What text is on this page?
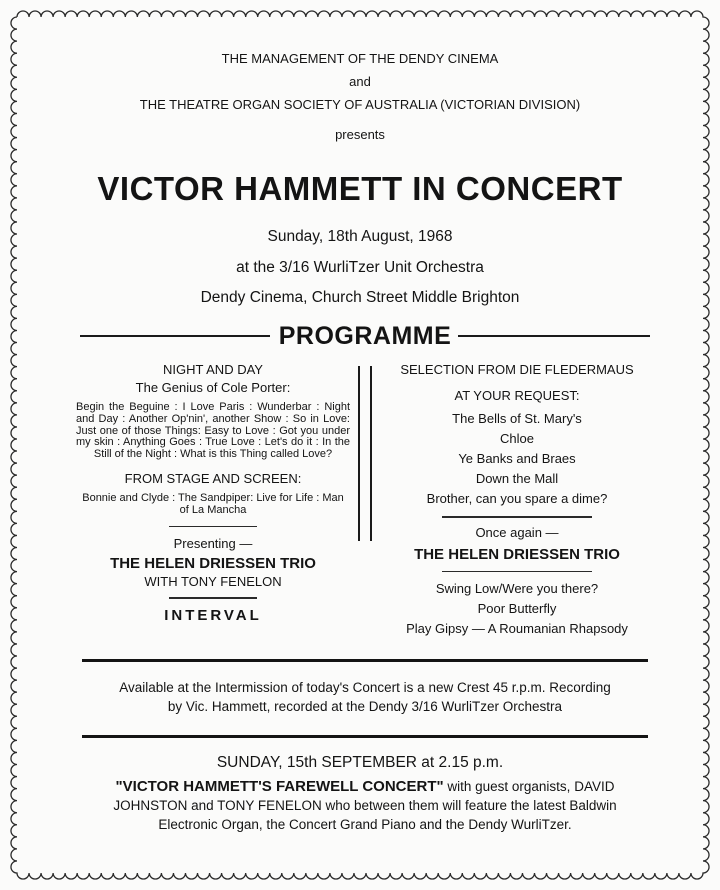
THE MANAGEMENT OF THE DENDY CINEMA
and
THE THEATRE ORGAN SOCIETY OF AUSTRALIA (VICTORIAN DIVISION)
presents
VICTOR HAMMETT IN CONCERT
Sunday, 18th August, 1968
at the 3/16 WurliTzer Unit Orchestra
Dendy Cinema, Church Street Middle Brighton
PROGRAMME
NIGHT AND DAY
The Genius of Cole Porter:
Begin the Beguine : I Love Paris : Wunderbar : Night and Day : Another Op'nin', another Show : So in Love: Just one of those Things: Easy to Love : Got you under my skin : Anything Goes : True Love : Let's do it : In the Still of the Night : What is this Thing called Love?
FROM STAGE AND SCREEN:
Bonnie and Clyde : The Sandpiper: Live for Life : Man of La Mancha
Presenting —
THE HELEN DRIESSEN TRIO
WITH TONY FENELON
INTERVAL
SELECTION FROM DIE FLEDERMAUS
AT YOUR REQUEST:
The Bells of St. Mary's
Chloe
Ye Banks and Braes
Down the Mall
Brother, can you spare a dime?
Once again —
THE HELEN DRIESSEN TRIO
Swing Low/Were you there?
Poor Butterfly
Play Gipsy — A Roumanian Rhapsody
Available at the Intermission of today's Concert is a new Crest 45 r.p.m. Recording
by Vic. Hammett, recorded at the Dendy 3/16 WurliTzer Orchestra
SUNDAY, 15th SEPTEMBER at 2.15 p.m.
"VICTOR HAMMETT'S FAREWELL CONCERT" with guest organists, DAVID
JOHNSTON and TONY FENELON who between them will feature the latest Baldwin
Electronic Organ, the Concert Grand Piano and the Dendy WurliTzer.
